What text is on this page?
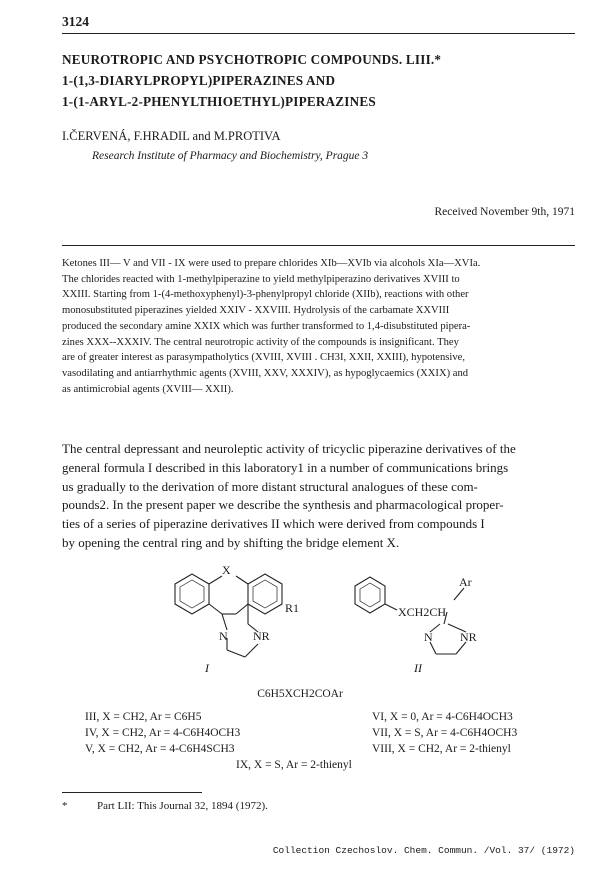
3124
NEUROTROPIC AND PSYCHOTROPIC COMPOUNDS. LIII.*
1-(1,3-DIARYLPROPYL)PIPERAZINES AND
1-(1-ARYL-2-PHENYLTHIOETHYL)PIPERAZINES
I.ČERVENÁ, F.HRADIL and M.PROTIVA
Research Institute of Pharmacy and Biochemistry, Prague 3
Received November 9th, 1971
Ketones III— V and VII - IX were used to prepare chlorides XIb—XVIb via alcohols XIa—XVIa.
The chlorides reacted with 1-methylpiperazine to yield methylpiperazino derivatives XVIII to
XXIII. Starting from 1-(4-methoxyphenyl)-3-phenylpropyl chloride (XIIb), reactions with other
monosubstituted piperazines yielded XXIV - XXVIII. Hydrolysis of the carbamate XXVIII
produced the secondary amine XXIX which was further transformed to 1,4-disubstituted pipera-
zines XXX--XXXIV. The central neurotropic activity of the compounds is insignificant. They
are of greater interest as parasympatholytics (XVIII, XVIII . CH3I, XXII, XXIII), hypotensive,
vasodilating and antiarrhythmic agents (XVIII, XXV, XXXIV), as hypoglycaemics (XXIX) and
as antimicrobial agents (XVIII— XXII).
The central depressant and neuroleptic activity of tricyclic piperazine derivatives of the
general formula I described in this laboratory1 in a number of communications brings
us gradually to the derivation of more distant structural analogues of these com-
pounds2. In the present paper we describe the synthesis and pharmacological proper-
ties of a series of piperazine derivatives II which were derived from compounds I
by opening the central ring and by shifting the bridge element X.
X
R1
N NR
I
XCH2CH
Ar
N NR
II
C6H5XCH2COAr
III, X = CH2, Ar = C6H5	VI, X = 0, Ar = 4-C6H4OCH3
IV, X = CH2, Ar = 4-C6H4OCH3	VII, X = S, Ar = 4-C6H4OCH3
V, X = CH2, Ar = 4-C6H4SCH3	VIII, X = CH2, Ar = 2-thienyl
IX, X = S, Ar = 2-thienyl
*	Part LII: This Journal 32, 1894 (1972).
Collection Czechoslov. Chem. Commun. /Vol. 37/ (1972)
